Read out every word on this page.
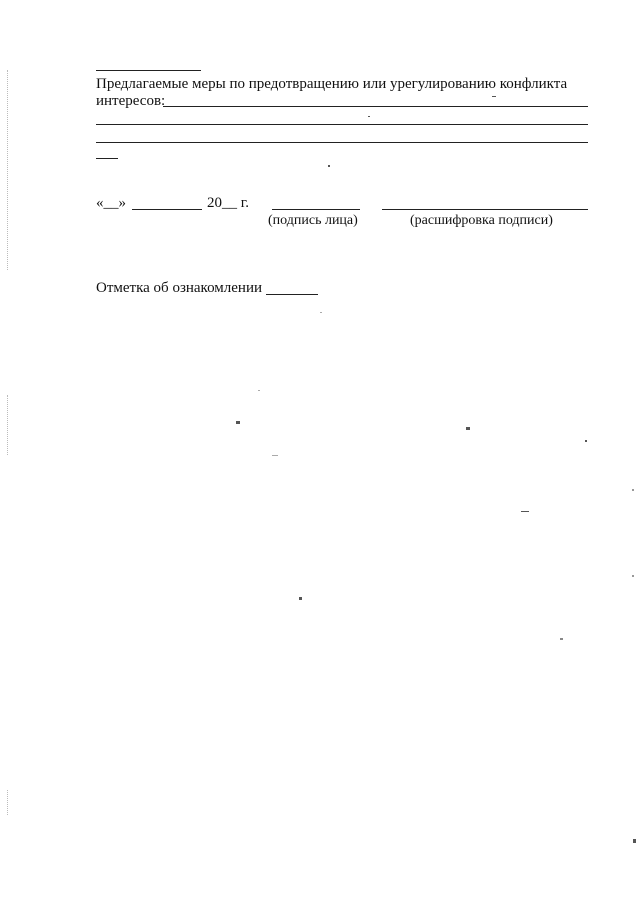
Предлагаемые меры по предотвращению или урегулированию конфликта
интересов:
«__»	20__ г.
(подпись лица)	(расшифровка подписи)
Отметка об ознакомлении
